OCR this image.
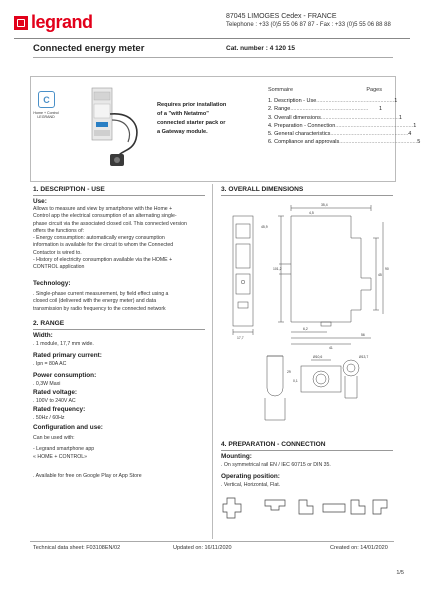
legrand	87045 LIMOGES Cedex - FRANCE
Telephone : +33 (0)5 55 06 87 87 - Fax : +33 (0)5 55 06 88 88
Connected energy meter	Cat. number : 4 120 15
C
Home + Control
LEGRAND
Requires prior installation
of a "with Netatmo"
connected starter pack or
a Gateway module.
Sommaire	Pages
1. Description - Use ................................................... 1
2. Range ...................................................	1
3. Overall dimensions ................................................... 1
4. Preparation - Connection ................................................... 1
5. General characteristics ................................................... 4
6. Compliance and approvals ................................................... 5
1. DESCRIPTION - USE
Use:
Allows to measure and view by smartphone with the Home +
Control app the electrical consumption of an alternating single-
phase circuit via the associated closed coil. This connected version
offers the functions of:
- Energy consumption: automatically energy consumption
information is available for the circuit to whom the Connected
Contactor is wired to.
- History of electricity consumption available via the HOME +
CONTROL application
Technology:
. Single-phase current measurement, by field effect using a
closed coil (delivered with the energy meter) and data
transmission by radio frequency to the connected network
2. RANGE
Width:
. 1 module, 17,7 mm wide.
Rated primary current:
. Ipn = 80A AC
Power consumption:
. 0,3W Maxi
Rated voltage:
. 100V to 240V AC
Rated frequency:
. 50Hz / 60Hz
Configuration and use:
Can be used with:
- Legrand smartphone app
« HOME + CONTROL»
. Available for free on Google Play or App Store
3. OVERALL DIMENSIONS
35,4
4,5
45
90
101,2
45,9
17,7
6,2
41
56
29
Ø10,6
0,1
Ø13,7
4. PREPARATION - CONNECTION
Mounting:
. On symmetrical rail EN / IEC 60715 or DIN 35.
Operating position:
. Vertical, Horizontal, Flat.
Technical data sheet: F03108EN/02	Updated on: 16/11/2020	Created on: 14/01/2020
1/5
